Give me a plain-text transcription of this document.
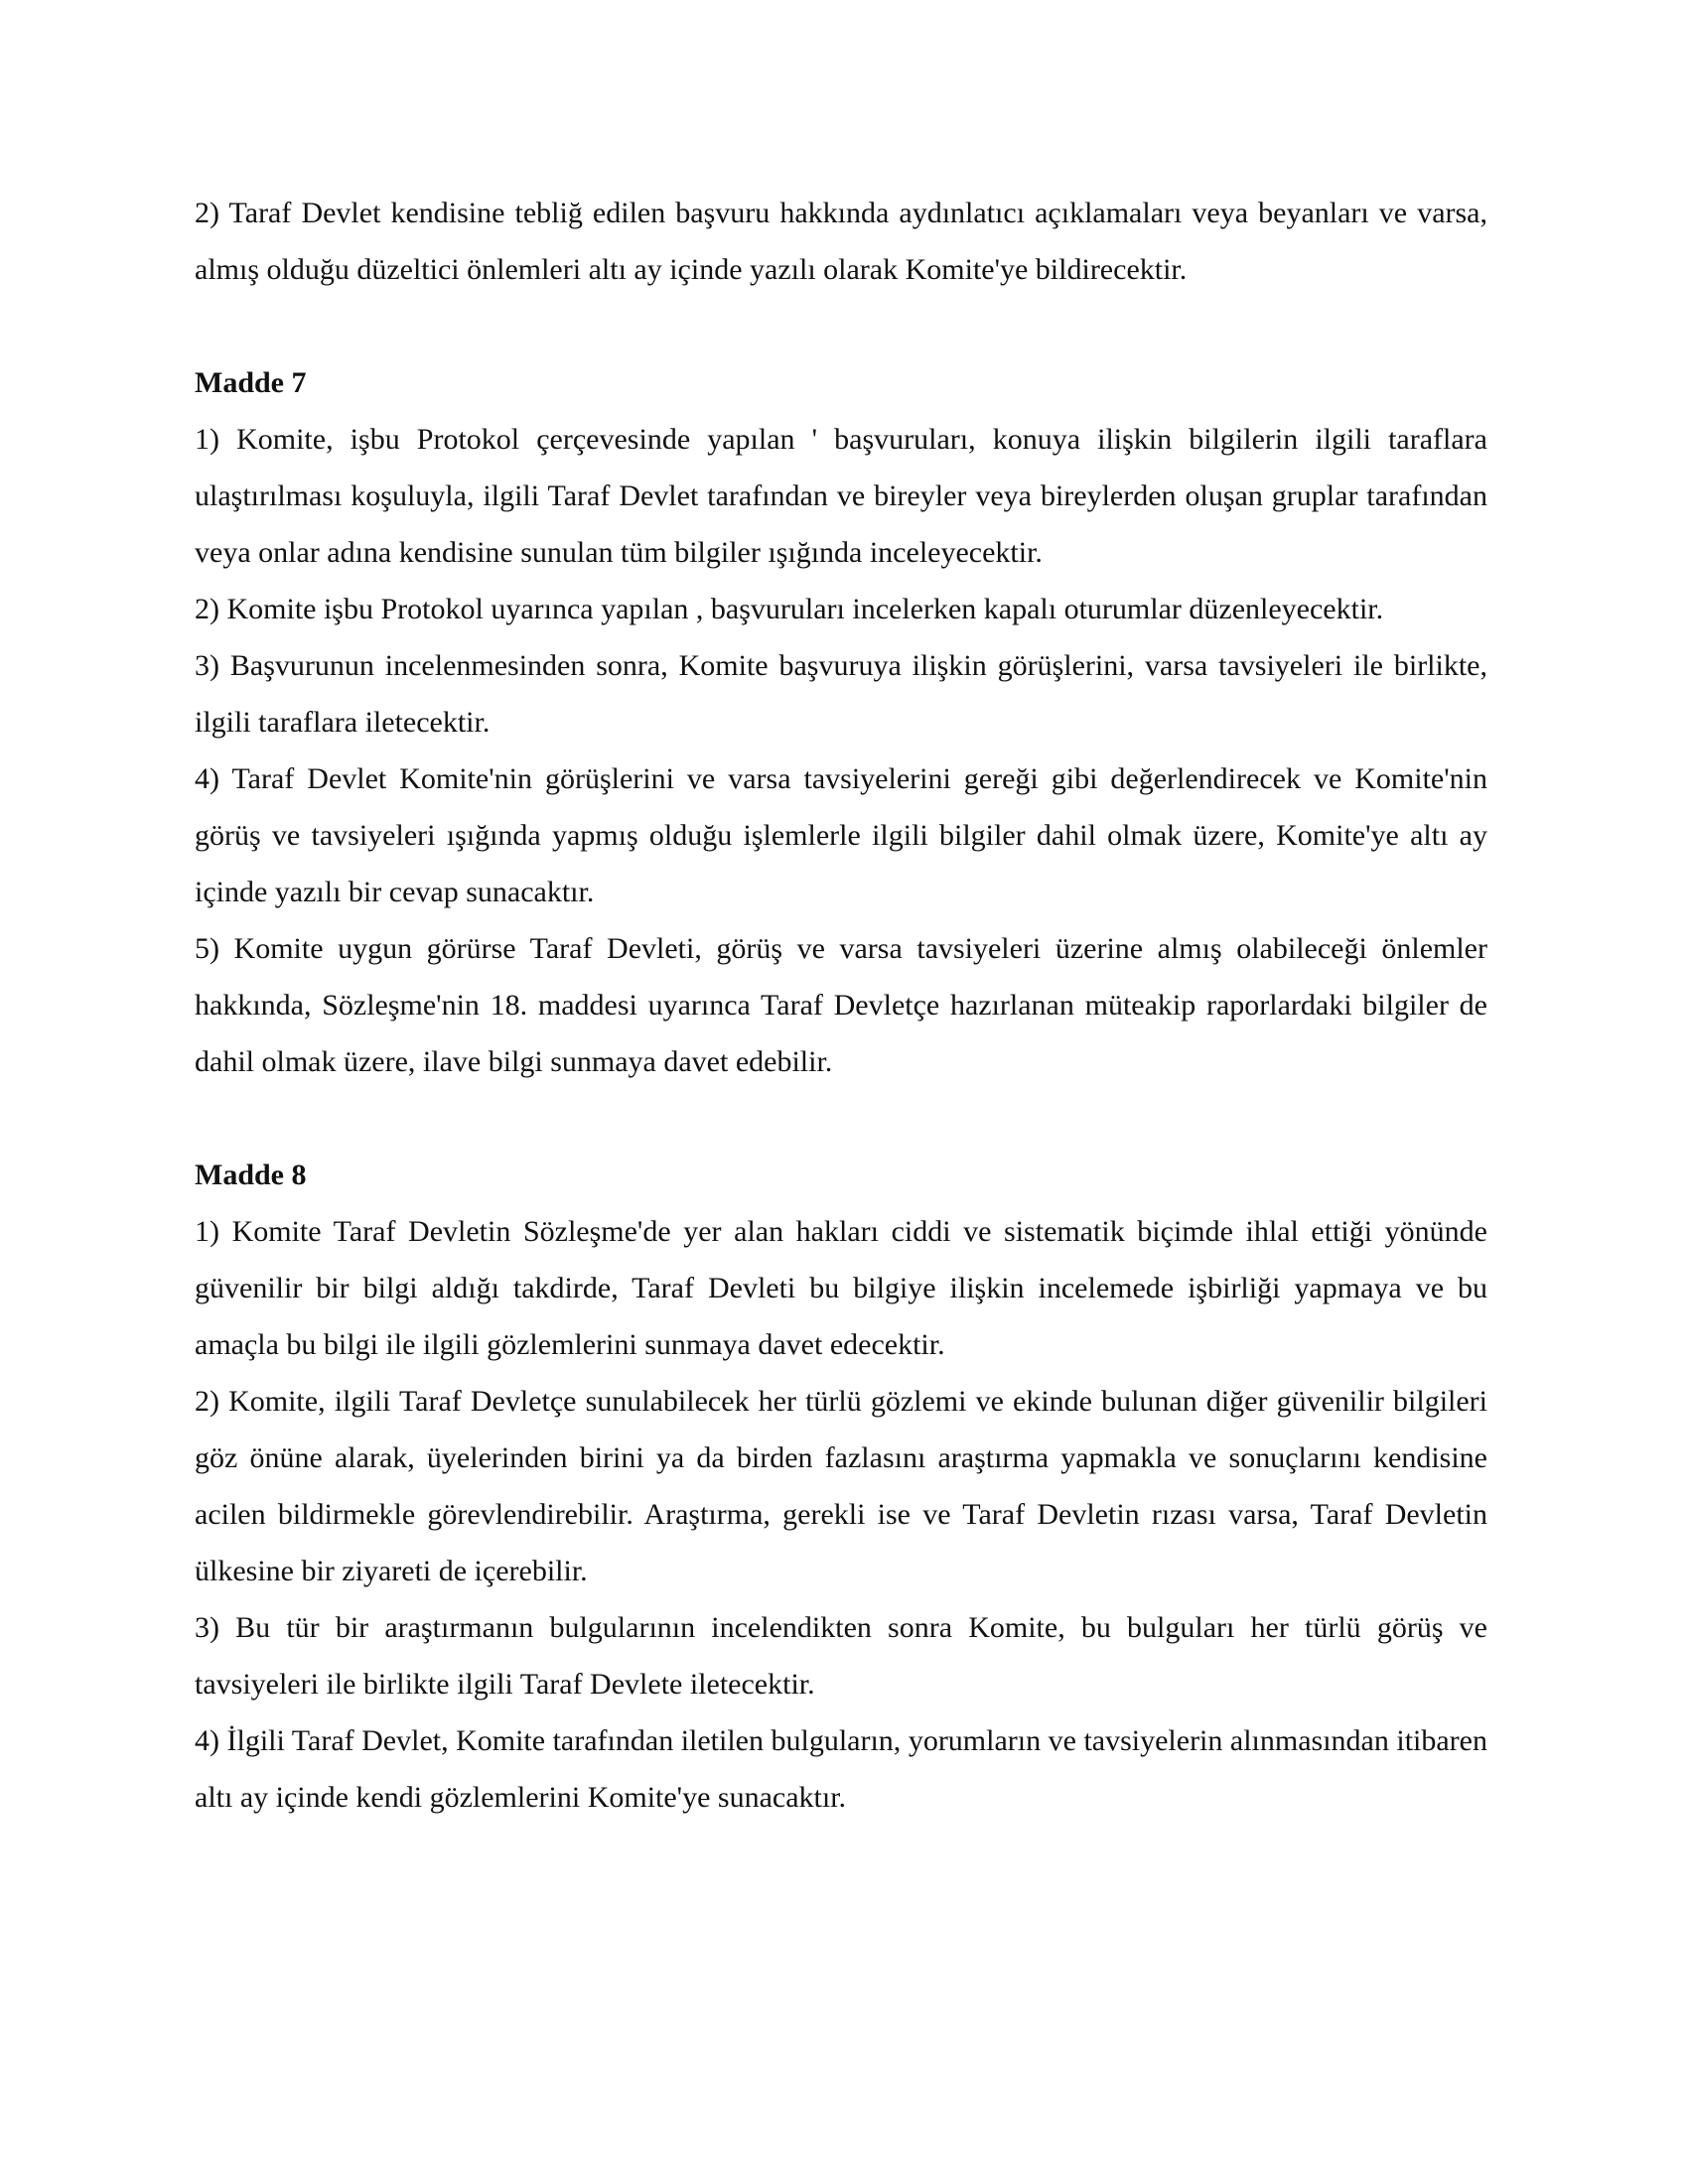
2) Taraf Devlet kendisine tebliğ edilen başvuru hakkında aydınlatıcı açıklamaları veya beyanları ve varsa, almış olduğu düzeltici önlemleri altı ay içinde yazılı olarak Komite'ye bildirecektir.

Madde 7

1) Komite, işbu Protokol çerçevesinde yapılan ' başvuruları, konuya ilişkin bilgilerin ilgili taraflara ulaştırılması koşuluyla, ilgili Taraf Devlet tarafından ve bireyler veya bireylerden oluşan gruplar tarafından veya onlar adına kendisine sunulan tüm bilgiler ışığında inceleyecektir.

2) Komite işbu Protokol uyarınca yapılan , başvuruları incelerken kapalı oturumlar düzenleyecektir.

3) Başvurunun incelenmesinden sonra, Komite başvuruya ilişkin görüşlerini, varsa tavsiyeleri ile birlikte, ilgili taraflara iletecektir.

4) Taraf Devlet Komite'nin görüşlerini ve varsa tavsiyelerini gereği gibi değerlendirecek ve Komite'nin görüş ve tavsiyeleri ışığında yapmış olduğu işlemlerle ilgili bilgiler dahil olmak üzere, Komite'ye altı ay içinde yazılı bir cevap sunacaktır.

5) Komite uygun görürse Taraf Devleti, görüş ve varsa tavsiyeleri üzerine almış olabileceği önlemler hakkında, Sözleşme'nin 18. maddesi uyarınca Taraf Devletçe hazırlanan müteakip raporlardaki bilgiler de dahil olmak üzere, ilave bilgi sunmaya davet edebilir.

Madde 8

1) Komite Taraf Devletin Sözleşme'de yer alan hakları ciddi ve sistematik biçimde ihlal ettiği yönünde güvenilir bir bilgi aldığı takdirde, Taraf Devleti bu bilgiye ilişkin incelemede işbirliği yapmaya ve bu amaçla bu bilgi ile ilgili gözlemlerini sunmaya davet edecektir.

2) Komite, ilgili Taraf Devletçe sunulabilecek her türlü gözlemi ve ekinde bulunan diğer güvenilir bilgileri göz önüne alarak, üyelerinden birini ya da birden fazlasını araştırma yapmakla ve sonuçlarını kendisine acilen bildirmekle görevlendirebilir. Araştırma, gerekli ise ve Taraf Devletin rızası varsa, Taraf Devletin ülkesine bir ziyareti de içerebilir.

3) Bu tür bir araştırmanın bulgularının incelendikten sonra Komite, bu bulguları her türlü görüş ve tavsiyeleri ile birlikte ilgili Taraf Devlete iletecektir.

4) İlgili Taraf Devlet, Komite tarafından iletilen bulguların, yorumların ve tavsiyelerin alınmasından itibaren altı ay içinde kendi gözlemlerini Komite'ye sunacaktır.
